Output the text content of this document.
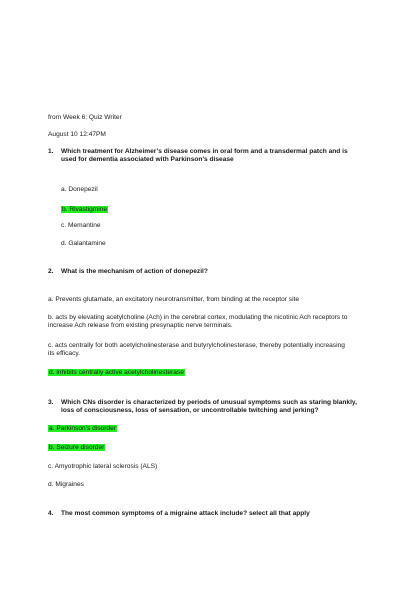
from Week 6: Quiz Writer
August 10 12:47PM
1. Which treatment for Alzheimer’s disease comes in oral form and a transdermal patch and is used for dementia associated with Parkinson’s disease
a. Donepezil
b. Rivastigmine
c. Memantine
d. Galantamine
2. What is the mechanism of action of donepezil?
a. Prevents glutamate, an excitatory neurotransmitter, from binding at the receptor site
b. acts by elevating acetylcholine (Ach) in the cerebral cortex, modulating the nicotinic Ach receptors to increase Ach release from existing presynaptic nerve terminals.
c. acts centrally for both acetylcholinesterase and butyrylcholinesterase, thereby potentially increasing its efficacy.
d. inhibits centrally active acetylcholinesterase
3. Which CNs disorder is characterized by periods of unusual symptoms such as staring blankly, loss of consciousness, loss of sensation, or uncontrollable twitching and jerking?
a. Parkinson’s disorder
b. Seizure disorder
c. Amyotrophic lateral sclerosis (ALS)
d. Migraines
4. The most common symptoms of a migraine attack include? select all that apply
